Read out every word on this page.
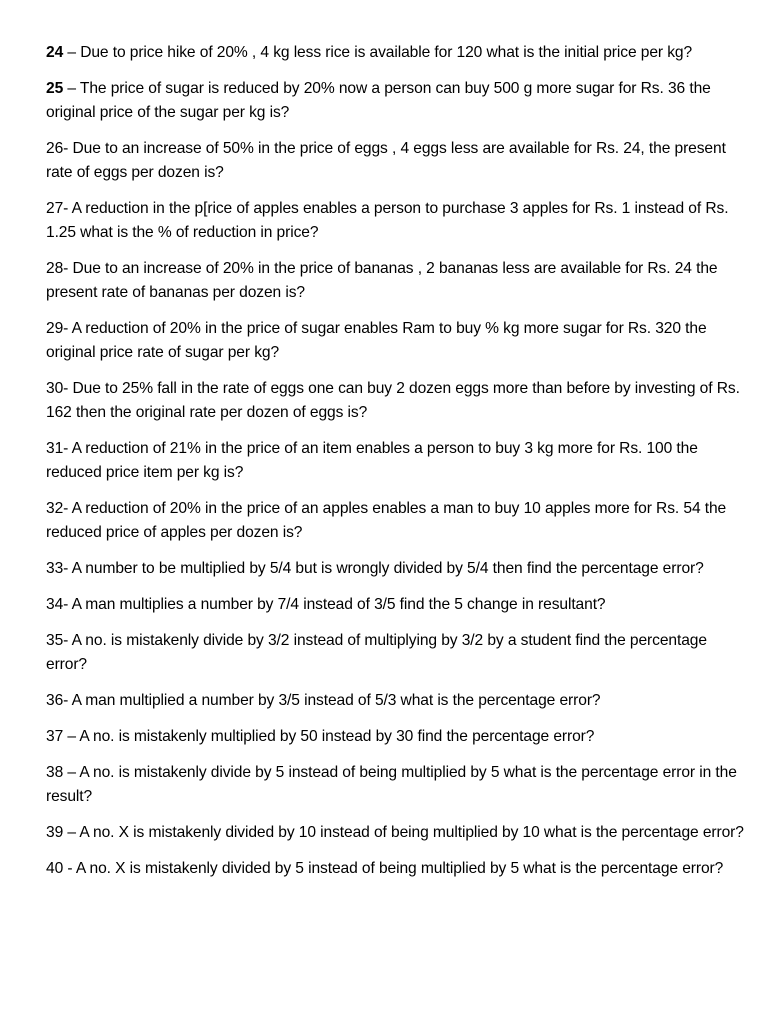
24 – Due to price hike of 20% , 4 kg less rice is available for 120 what is the initial price per kg?

25 – The price of sugar is reduced by 20% now a person can buy 500 g more sugar for Rs. 36 the original price of the sugar per kg is?

26- Due to an increase of 50% in the price of eggs , 4 eggs less are available for Rs. 24, the present rate of eggs per dozen is?

27- A reduction in the p[rice of apples enables a person to purchase 3 apples for Rs. 1 instead of Rs. 1.25 what is the % of reduction in price?

28- Due to an increase of 20% in the price of bananas , 2 bananas less are available for Rs. 24 the present rate of bananas per dozen is?

29- A reduction of 20% in the price of sugar enables Ram to buy % kg more sugar for Rs. 320 the original price rate of sugar per kg?

30- Due to 25% fall in the rate of eggs one can buy 2 dozen eggs more than before by investing of Rs. 162 then the original rate per dozen of eggs is?

31- A reduction of 21% in the price of an item enables a person to buy 3 kg more for Rs. 100 the reduced price item per kg is?

32- A reduction of 20% in the price of an apples enables a man to buy 10 apples more for Rs. 54 the reduced price of apples per dozen is?

33- A number to be multiplied by 5/4 but is wrongly divided by 5/4 then find the percentage error?

34- A man multiplies a number by 7/4 instead of 3/5 find the 5 change in resultant?

35- A no. is mistakenly divide by 3/2 instead of multiplying by 3/2 by a student find the percentage error?

36- A man multiplied a number by 3/5 instead of 5/3 what is the percentage error?

37 – A no. is mistakenly multiplied by 50 instead by 30 find the percentage error?

38 – A no. is mistakenly divide by 5 instead of being multiplied by 5 what is the percentage error in the result?

39 – A no. X is mistakenly divided by 10 instead of being multiplied by 10 what is the percentage error?

40 - A no. X is mistakenly divided by 5 instead of being multiplied by 5 what is the percentage error?
